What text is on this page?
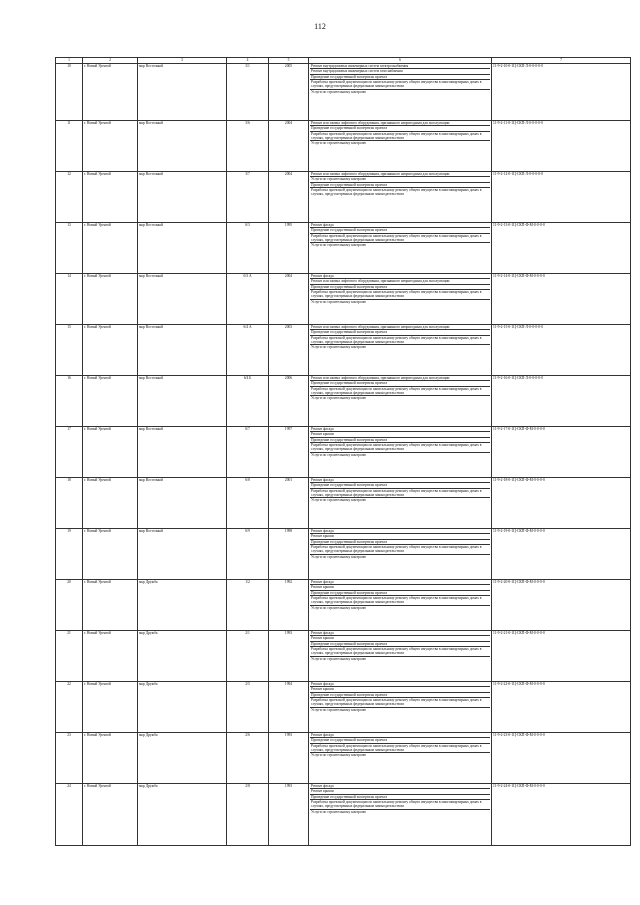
112
1	2	3	4	5	6	7
10	г. Новый Уренгой	мкр Восточный	3/1	2005	Ремонт внутридомовых инженерных систем электроснабжения
Ремонт внутридомовых инженерных систем газоснабжения
Проведение государственной экспертизы проекта
Разработка проектной документации по капитальному ремонту общего имущества в многоквартирных домах в случаях, предусмотренных федеральным законодательством
Услуги по строительному контролю	11-9-2-10-0-1Ц-СКП-Л-0-0-0-0-0
11	г. Новый Уренгой	мкр Восточный	3/6	2004	Ремонт или замена лифтового оборудования, признанного непригодным для эксплуатации
Проведение государственной экспертизы проекта
Разработка проектной документации по капитальному ремонту общего имущества в многоквартирных домах в случаях, предусмотренных федеральным законодательством
Услуги по строительному контролю	11-9-2-11-0-1Ц-СКП-Л-0-0-0-0-0
12	г. Новый Уренгой	мкр Восточный	3/7	2004	Ремонт или замена лифтового оборудования, признанного непригодным для эксплуатации
Услуги по строительному контролю
Проведение государственной экспертизы проекта
Разработка проектной документации по капитальному ремонту общего имущества в многоквартирных домах в случаях, предусмотренных федеральным законодательством	11-9-2-12-0-1Ц-СКП-Л-0-0-0-0-0
13	г. Новый Уренгой	мкр Восточный	6/3	1995	Ремонт фасада
Проведение государственной экспертизы проекта
Разработка проектной документации по капитальному ремонту общего имущества в многоквартирных домах в случаях, предусмотренных федеральным законодательством
Услуги по строительному контролю	11-9-2-13-0-1Ц-СКП-Ф-М-0-0-0-0
14	г. Новый Уренгой	мкр Восточный	6/3 А	2004	Ремонт фасада
Ремонт или замена лифтового оборудования, признанного непригодным для эксплуатации
Проведение государственной экспертизы проекта
Разработка проектной документации по капитальному ремонту общего имущества в многоквартирных домах в случаях, предусмотренных федеральным законодательством
Услуги по строительному контролю	11-9-2-14-0-1Ц-СКП-Ф-М-0-0-0-0
15	г. Новый Уренгой	мкр Восточный	6/4 А	2003	Ремонт или замена лифтового оборудования, признанного непригодным для эксплуатации
Проведение государственной экспертизы проекта
Разработка проектной документации по капитальному ремонту общего имущества в многоквартирных домах в случаях, предусмотренных федеральным законодательством
Услуги по строительному контролю	11-9-2-15-0-1Ц-СКП-Л-0-0-0-0-0
16	г. Новый Уренгой	мкр Восточный	6/4 Б	2006	Ремонт или замена лифтового оборудования, признанного непригодным для эксплуатации
Проведение государственной экспертизы проекта
Разработка проектной документации по капитальному ремонту общего имущества в многоквартирных домах в случаях, предусмотренных федеральным законодательством
Услуги по строительному контролю	11-9-2-16-0-1Ц-СКП-Л-0-0-0-0-0
17	г. Новый Уренгой	мкр Восточный	6/7	1997	Ремонт фасада
Ремонт крыши
Проведение государственной экспертизы проекта
Разработка проектной документации по капитальному ремонту общего имущества в многоквартирных домах в случаях, предусмотренных федеральным законодательством
Услуги по строительному контролю	11-9-2-17-0-1Ц-СКП-Ф-М-0-0-0-0
18	г. Новый Уренгой	мкр Восточный	6/8	2001	Ремонт фасада
Проведение государственной экспертизы проекта
Разработка проектной документации по капитальному ремонту общего имущества в многоквартирных домах в случаях, предусмотренных федеральным законодательством
Услуги по строительному контролю	11-9-2-18-0-1Ц-СКП-Ф-М-0-0-0-0
19	г. Новый Уренгой	мкр Восточный	6/9	1998	Ремонт фасада
Ремонт крыши
Проведение государственной экспертизы проекта
Разработка проектной документации по капитальному ремонту общего имущества в многоквартирных домах в случаях, предусмотренных федеральным законодательством
Услуги по строительному контролю	11-9-2-19-0-1Ц-СКП-Ф-М-0-0-0-0
20	г. Новый Уренгой	мкр Дружба	1/2	1992	Ремонт фасада
Ремонт крыши
Проведение государственной экспертизы проекта
Разработка проектной документации по капитальному ремонту общего имущества в многоквартирных домах в случаях, предусмотренных федеральным законодательством
Услуги по строительному контролю	11-9-2-20-0-1Ц-СКП-Ф-М-0-0-0-0
21	г. Новый Уренгой	мкр Дружба	2/1	1993	Ремонт фасада
Ремонт крыши
Проведение государственной экспертизы проекта
Разработка проектной документации по капитальному ремонту общего имущества в многоквартирных домах в случаях, предусмотренных федеральным законодательством
Услуги по строительному контролю	11-9-2-21-0-1Ц-СКП-Ф-М-0-0-0-0
22	г. Новый Уренгой	мкр Дружба	2/5	1994	Ремонт фасада
Ремонт крыши
Проведение государственной экспертизы проекта
Разработка проектной документации по капитальному ремонту общего имущества в многоквартирных домах в случаях, предусмотренных федеральным законодательством
Услуги по строительному контролю	11-9-2-22-0-1Ц-СКП-Ф-М-0-0-0-0
23	г. Новый Уренгой	мкр Дружба	2/6	1993	Ремонт фасада
Проведение государственной экспертизы проекта
Разработка проектной документации по капитальному ремонту общего имущества в многоквартирных домах в случаях, предусмотренных федеральным законодательством
Услуги по строительному контролю	11-9-2-23-0-1Ц-СКП-Ф-М-0-0-0-0
24	г. Новый Уренгой	мкр Дружба	2/8	1993	Ремонт фасада
Ремонт крыши
Проведение государственной экспертизы проекта
Разработка проектной документации по капитальному ремонту общего имущества в многоквартирных домах в случаях, предусмотренных федеральным законодательством
Услуги по строительному контролю	11-9-2-24-0-1Ц-СКП-Ф-М-0-0-0-0
